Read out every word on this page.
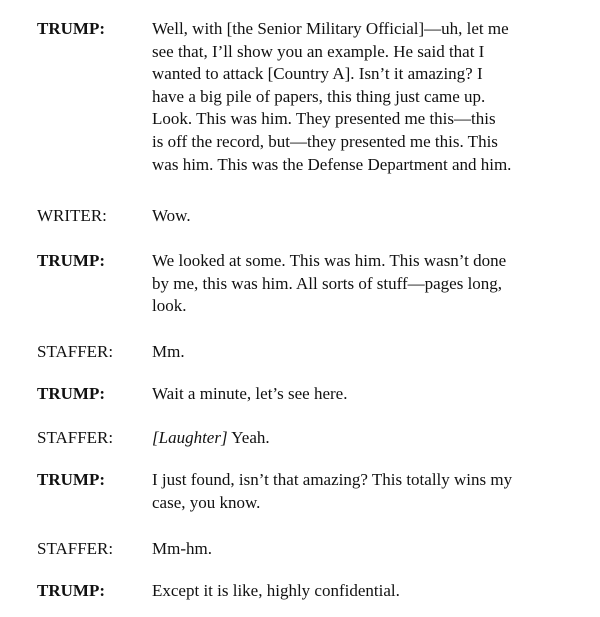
TRUMP:	Well, with [the Senior Military Official]—uh, let me
see that, I’ll show you an example. He said that I
wanted to attack [Country A]. Isn’t it amazing? I
have a big pile of papers, this thing just came up.
Look. This was him. They presented me this—this
is off the record, but—they presented me this. This
was him. This was the Defense Department and him.

WRITER:	Wow.

TRUMP:	We looked at some. This was him. This wasn’t done
by me, this was him. All sorts of stuff—pages long,
look.

STAFFER: Mm.

TRUMP:	Wait a minute, let’s see here.

STAFFER: [Laughter] Yeah.

TRUMP:	I just found, isn’t that amazing? This totally wins my
case, you know.

STAFFER: Mm-hm.

TRUMP:	Except it is like, highly confidential.
